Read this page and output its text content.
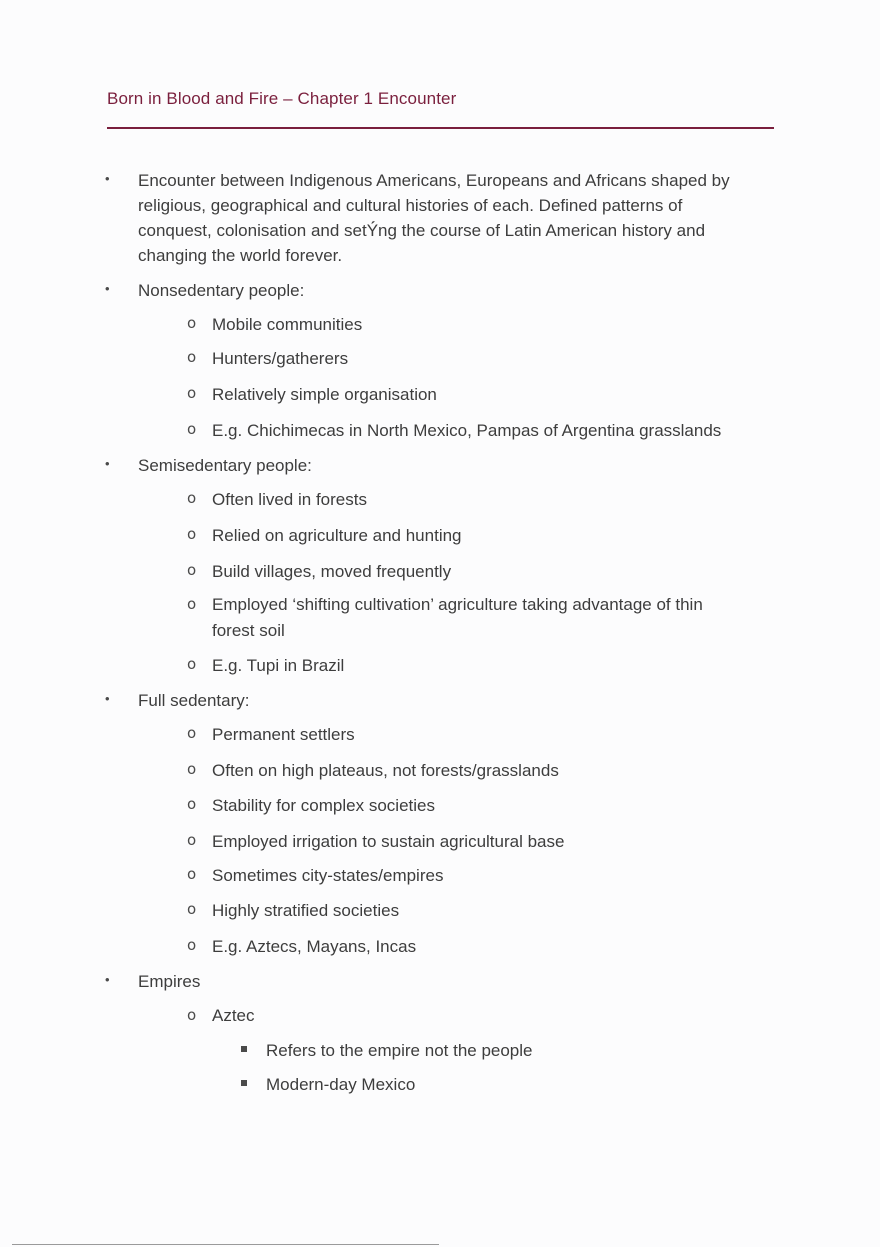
Born in Blood and Fire – Chapter 1 Encounter
• Encounter between Indigenous Americans, Europeans and Africans shaped by
religious, geographical and cultural histories of each. Defined patterns of
conquest, colonisation and setÝ́ng the course of Latin American history and
changing the world forever.
• Nonsedentary people:
o Mobile communities
o Hunters/gatherers
o Relatively simple organisation
o E.g. Chichimecas in North Mexico, Pampas of Argentina grasslands
• Semisedentary people:
o Often lived in forests
o Relied on agriculture and hunting
o Build villages, moved frequently
o Employed ‘shifting cultivation’ agriculture taking advantage of thin
forest soil
o E.g. Tupi in Brazil
• Full sedentary:
o Permanent settlers
o Often on high plateaus, not forests/grasslands
o Stability for complex societies
o Employed irrigation to sustain agricultural base
o Sometimes city-states/empires
o Highly stratified societies
o E.g. Aztecs, Mayans, Incas
• Empires
o Aztec
Refers to the empire not the people
Modern-day Mexico
